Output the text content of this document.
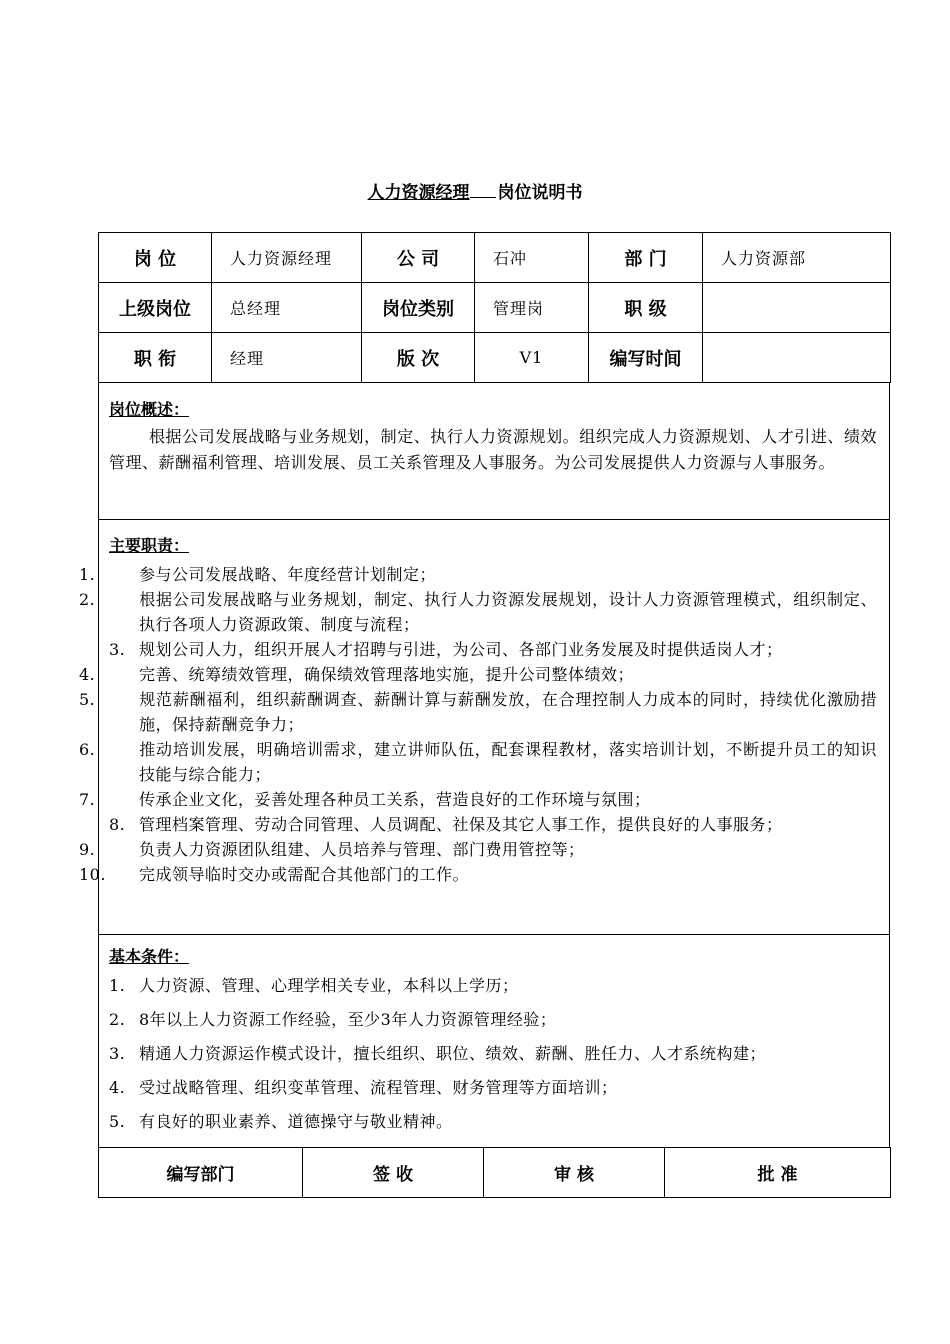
人力资源经理 岗位说明书
岗 位	人力资源经理	公 司	石冲	部 门	人力资源部
上级岗位	总经理	岗位类别	管理岗	职 级	
职 衔	经理	版 次	V1	编写时间	
岗位概述：
根据公司发展战略与业务规划，制定、执行人力资源规划。组织完成人力资源规划、人才引进、绩效管理、薪酬福利管理、培训发展、员工关系管理及人事服务。为公司发展提供人力资源与人事服务。
主要职责：
1.	参与公司发展战略、年度经营计划制定；
2.	根据公司发展战略与业务规划，制定、执行人力资源发展规划，设计人力资源管理模式，组织制定、执行各项人力资源政策、制度与流程；
3. 规划公司人力，组织开展人才招聘与引进，为公司、各部门业务发展及时提供适岗人才；
4.	完善、统筹绩效管理，确保绩效管理落地实施，提升公司整体绩效；
5.	规范薪酬福利，组织薪酬调查、薪酬计算与薪酬发放，在合理控制人力成本的同时，持续优化激励措施，保持薪酬竞争力；
6.	推动培训发展，明确培训需求，建立讲师队伍，配套课程教材，落实培训计划，不断提升员工的知识技能与综合能力；
7.	传承企业文化，妥善处理各种员工关系，营造良好的工作环境与氛围；
8. 管理档案管理、劳动合同管理、人员调配、社保及其它人事工作，提供良好的人事服务；
9.	负责人力资源团队组建、人员培养与管理、部门费用管控等；
10. 完成领导临时交办或需配合其他部门的工作。
基本条件：
1. 人力资源、管理、心理学相关专业，本科以上学历；
2. 8年以上人力资源工作经验，至少3年人力资源管理经验；
3. 精通人力资源运作模式设计，擅长组织、职位、绩效、薪酬、胜任力、人才系统构建；
4. 受过战略管理、组织变革管理、流程管理、财务管理等方面培训；
5. 有良好的职业素养、道德操守与敬业精神。
编写部门	签 收	审 核	批 准
